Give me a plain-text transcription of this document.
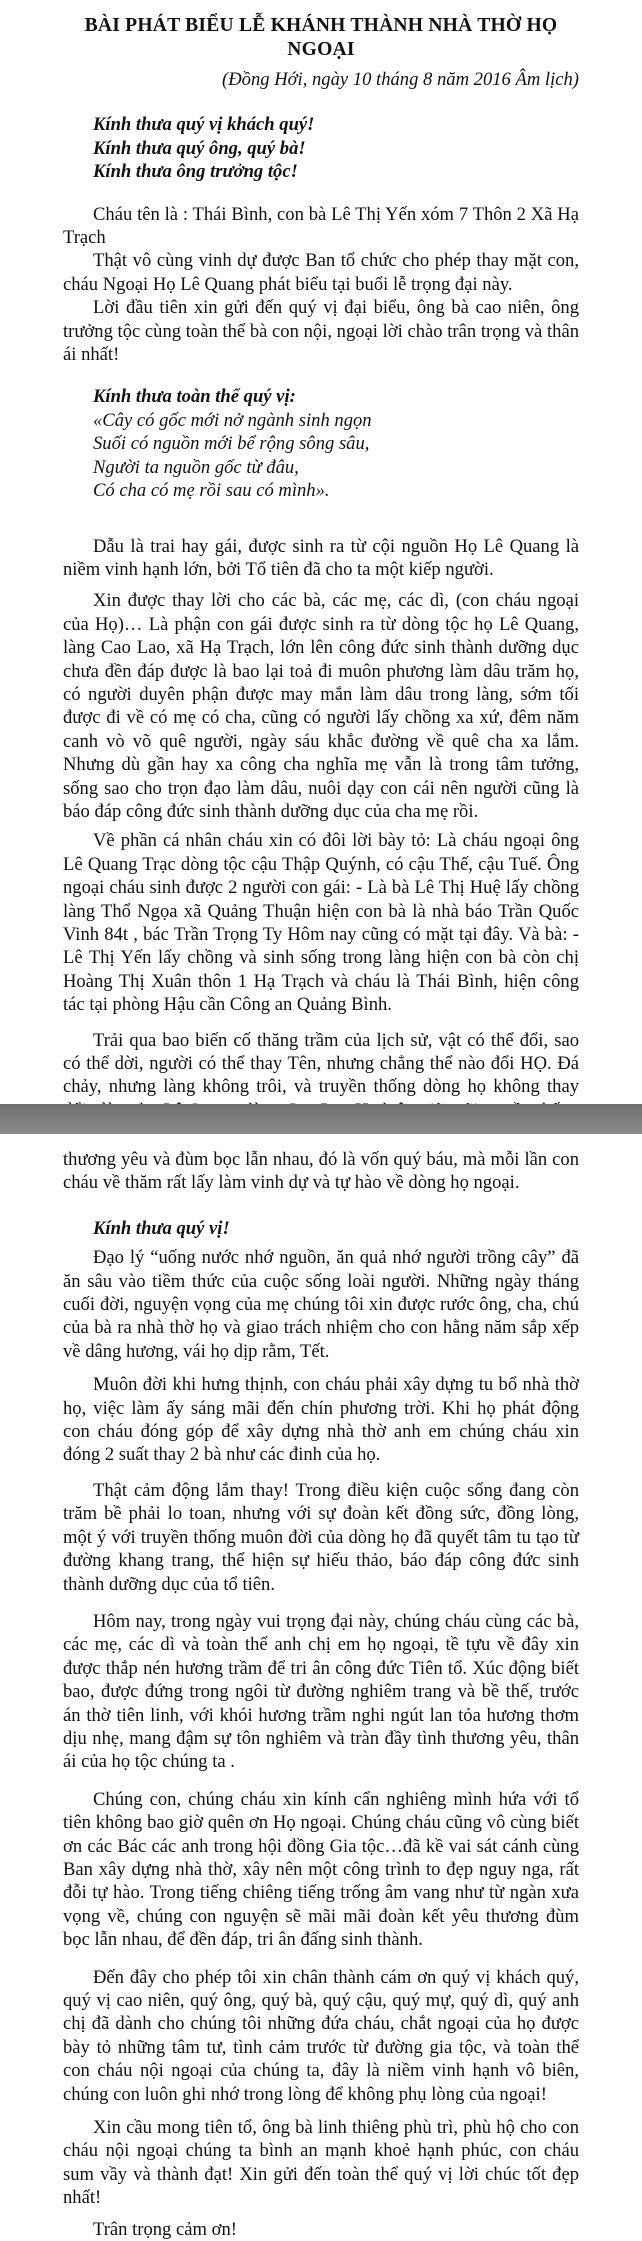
BÀI PHÁT BIỂU LỄ KHÁNH THÀNH NHÀ THỜ HỌ NGOẠI
(Đồng Hới, ngày 10 tháng 8 năm 2016 Âm lịch)

Kính thưa quý vị khách quý!

Kính thưa quý ông, quý bà!

Kính thưa ông trưởng tộc!

Cháu tên là : Thái Bình, con bà Lê Thị Yến xóm 7 Thôn 2 Xã Hạ Trạch

Thật vô cùng vinh dự được Ban tổ chức cho phép thay mặt con, cháu Ngoại Họ Lê Quang phát biểu tại buổi lễ trọng đại này.

Lời đầu tiên xin gửi đến quý vị đại biểu, ông bà cao niên, ông trưởng tộc cùng toàn thể bà con nội, ngoại lời chào trân trọng và thân ái nhất!

Kính thưa toàn thể quý vị:

«Cây có gốc mới nở ngành sinh ngọn

Suối có nguồn mới bể rộng sông sâu,

Người ta nguồn gốc từ đâu,

Có cha có mẹ rồi sau có mình».

Dẫu là trai hay gái, được sinh ra từ cội nguồn Họ Lê Quang là niềm vinh hạnh lớn, bởi Tổ tiên đã cho ta một kiếp người.

Xin được thay lời cho các bà, các mẹ, các dì, (con cháu ngoại của Họ)… Là phận con gái được sinh ra từ dòng tộc họ Lê Quang, làng Cao Lao, xã Hạ Trạch, lớn lên công đức sinh thành dưỡng dục chưa đền đáp được là bao lại toả đi muôn phương làm dâu trăm họ, có người duyên phận được may mắn làm dâu trong làng, sớm tối được đi về có mẹ có cha, cũng có người lấy chồng xa xứ, đêm năm canh vò võ quê người, ngày sáu khắc đường về quê cha xa lắm. Nhưng dù gần hay xa công cha nghĩa mẹ vẫn là trong tâm tưởng, sống sao cho trọn đạo làm dâu, nuôi dạy con cái nên người cũng là báo đáp công đức sinh thành dưỡng dục của cha mẹ rồi.

Về phần cá nhân cháu xin có đôi lời bày tỏ: Là cháu ngoại ông Lê Quang Trạc dòng tộc cậu Thập Quýnh, có cậu Thế, cậu Tuế. Ông ngoại cháu sinh được 2 người con gái: - Là bà Lê Thị Huệ lấy chồng làng Thổ Ngọa xã Quảng Thuận hiện con bà là nhà báo Trần Quốc Vinh 84t , bác Trần Trọng Ty Hôm nay cũng có mặt tại đây. Và bà: - Lê Thị Yến lấy chồng và sinh sống trong làng hiện con bà còn chị Hoàng Thị Xuân thôn 1 Hạ Trạch và cháu là Thái Bình, hiện công tác tại phòng Hậu cần Công an Quảng Bình.

Trải qua bao biến cố thăng trầm của lịch sử, vật có thể đổi, sao có thể dời, người có thể thay Tên, nhưng chẳng thể nào đổi HỌ. Đá chảy, nhưng làng không trôi, và truyền thống dòng họ không thay

thương yêu và đùm bọc lẫn nhau, đó là vốn quý báu, mà mỗi lần con cháu về thăm rất lấy làm vinh dự và tự hào về dòng họ ngoại.

Kính thưa quý vị!

Đạo lý “uống nước nhớ nguồn, ăn quả nhớ người trồng cây” đã ăn sâu vào tiềm thức của cuộc sống loài người. Những ngày tháng cuối đời, nguyện vọng của mẹ chúng tôi xin được rước ông, cha, chú của bà ra nhà thờ họ và giao trách nhiệm cho con hằng năm sắp xếp về dâng hương, vái họ dịp rằm, Tết.

Muôn đời khi hưng thịnh, con cháu phải xây dựng tu bổ nhà thờ họ, việc làm ấy sáng mãi đến chín phương trời. Khi họ phát động con cháu đóng góp để xây dựng nhà thờ anh em chúng cháu xin đóng 2 suất thay 2 bà như các đinh của họ.

Thật cảm động lắm thay! Trong điều kiện cuộc sống đang còn trăm bề phải lo toan, nhưng với sự đoàn kết đồng sức, đồng lòng, một ý với truyền thống muôn đời của dòng họ đã quyết tâm tu tạo từ đường khang trang, thể hiện sự hiếu thảo, báo đáp công đức sinh thành dưỡng dục của tổ tiên.

Hôm nay, trong ngày vui trọng đại này, chúng cháu cùng các bà, các mẹ, các dì và toàn thể anh chị em họ ngoại, tề tựu về đây xin được thắp nén hương trầm để tri ân công đức Tiên tổ. Xúc động biết bao, được đứng trong ngôi từ đường nghiêm trang và bề thế, trước án thờ tiên linh, với khói hương trầm nghi ngút lan tỏa hương thơm dịu nhẹ, mang đậm sự tôn nghiêm và tràn đầy tình thương yêu, thân ái của họ tộc chúng ta .

Chúng con, chúng cháu xin kính cẩn nghiêng mình hứa với tổ tiên không bao giờ quên ơn Họ ngoại. Chúng cháu cũng vô cùng biết ơn các Bác các anh trong hội đồng Gia tộc…đã kề vai sát cánh cùng Ban xây dựng nhà thờ, xây nên một công trình to đẹp nguy nga, rất đỗi tự hào. Trong tiếng chiêng tiếng trống âm vang như từ ngàn xưa vọng về, chúng con nguyện sẽ mãi mãi đoàn kết yêu thương đùm bọc lẫn nhau, để đền đáp, tri ân đấng sinh thành.

Đến đây cho phép tôi xin chân thành cám ơn quý vị khách quý, quý vị cao niên, quý ông, quý bà, quý cậu, quý mự, quý dì, quý anh chị đã dành cho chúng tôi những đứa cháu, chắt ngoại của họ được bày tỏ những tâm tư, tình cảm trước từ đường gia tộc, và toàn thể con cháu nội ngoại của chúng ta, đây là niềm vinh hạnh vô biên, chúng con luôn ghi nhớ trong lòng để không phụ lòng của ngoại!

Xin cầu mong tiên tổ, ông bà linh thiêng phù trì, phù hộ cho con cháu nội ngoại chúng ta bình an mạnh khoẻ hạnh phúc, con cháu sum vầy và thành đạt! Xin gửi đến toàn thể quý vị lời chúc tốt đẹp nhất!

Trân trọng cảm ơn!
